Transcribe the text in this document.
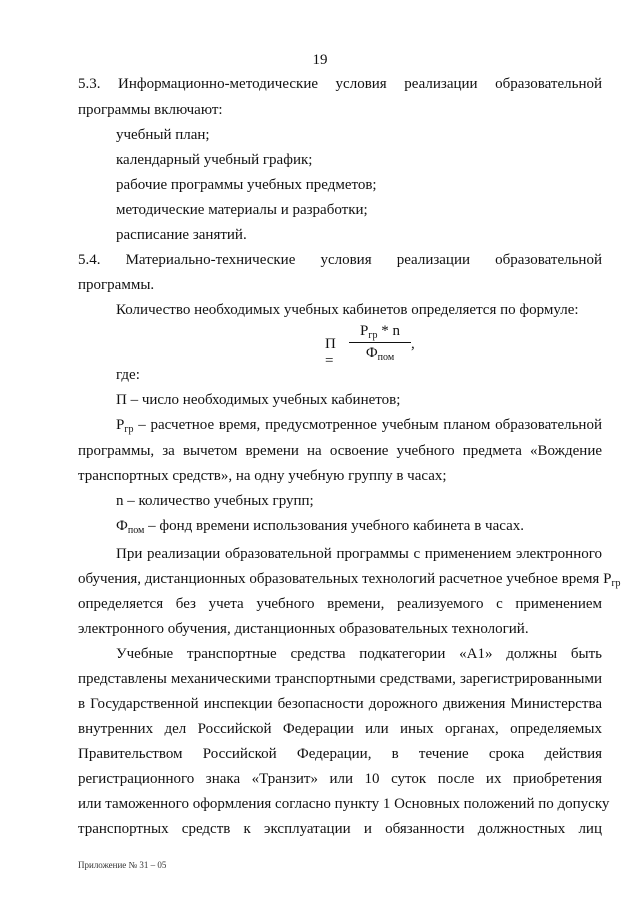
19
5.3. Информационно-методические условия реализации образовательной
программы включают:
учебный план;
календарный учебный график;
рабочие программы учебных предметов;
методические материалы и разработки;
расписание занятий.
5.4. Материально-технические условия реализации образовательной
программы.
Количество необходимых учебных кабинетов определяется по формуле:
П =
$Р_{гр}$ * n
$Ф_{пом}$
,
где:
П – число необходимых учебных кабинетов;
$Р_{гр}$ – расчетное время, предусмотренное учебным планом образовательной
программы, за вычетом времени на освоение учебного предмета «Вождение
транспортных средств», на одну учебную группу в часах;
n – количество учебных групп;
$Ф_{пом}$ – фонд времени использования учебного кабинета в часах.
При реализации образовательной программы с применением электронного
обучения, дистанционных образовательных технологий расчетное учебное время $Р_{гр}$
определяется без учета учебного времени, реализуемого с применением
электронного обучения, дистанционных образовательных технологий.
Учебные транспортные средства подкатегории «А1» должны быть
представлены механическими транспортными средствами, зарегистрированными
в Государственной инспекции безопасности дорожного движения Министерства
внутренних дел Российской Федерации или иных органах, определяемых
Правительством Российской Федерации, в течение срока действия
регистрационного знака «Транзит» или 10 суток после их приобретения
или таможенного оформления согласно пункту 1 Основных положений по допуску
транспортных средств к эксплуатации и обязанности должностных лиц
Приложение № 31 – 05
